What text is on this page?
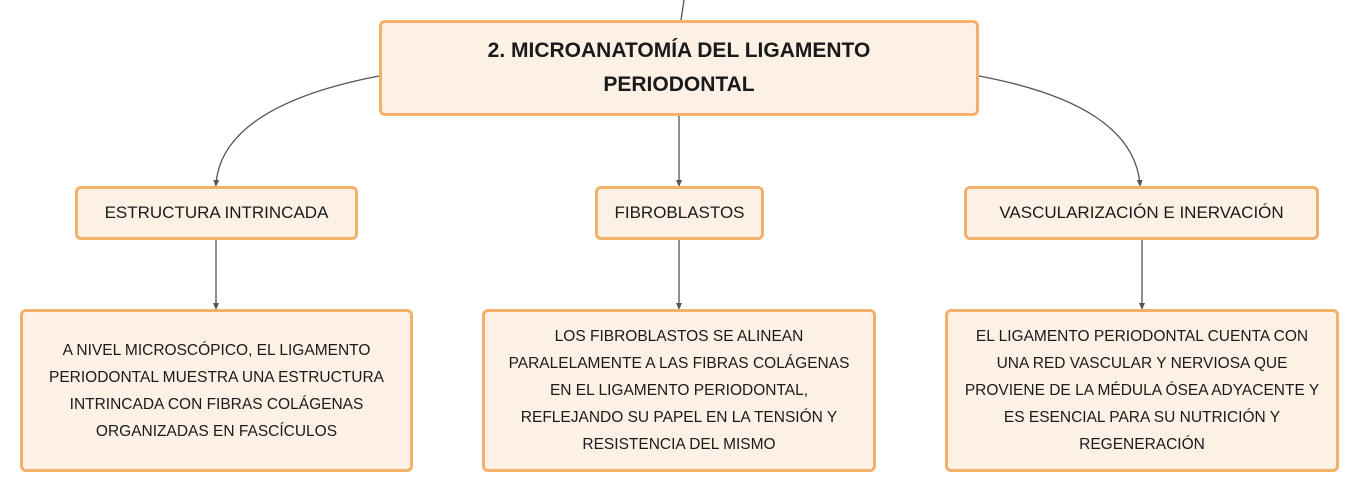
2. MICROANATOMÍA DEL LIGAMENTO PERIODONTAL
ESTRUCTURA INTRINCADA	FIBROBLASTOS	VASCULARIZACIÓN E INERVACIÓN
A NIVEL MICROSCÓPICO, EL LIGAMENTO PERIODONTAL MUESTRA UNA ESTRUCTURA INTRINCADA CON FIBRAS COLÁGENAS ORGANIZADAS EN FASCÍCULOS
LOS FIBROBLASTOS SE ALINEAN PARALELAMENTE A LAS FIBRAS COLÁGENAS EN EL LIGAMENTO PERIODONTAL, REFLEJANDO SU PAPEL EN LA TENSIÓN Y RESISTENCIA DEL MISMO
EL LIGAMENTO PERIODONTAL CUENTA CON UNA RED VASCULAR Y NERVIOSA QUE PROVIENE DE LA MÉDULA ÓSEA ADYACENTE Y ES ESENCIAL PARA SU NUTRICIÓN Y REGENERACIÓN
